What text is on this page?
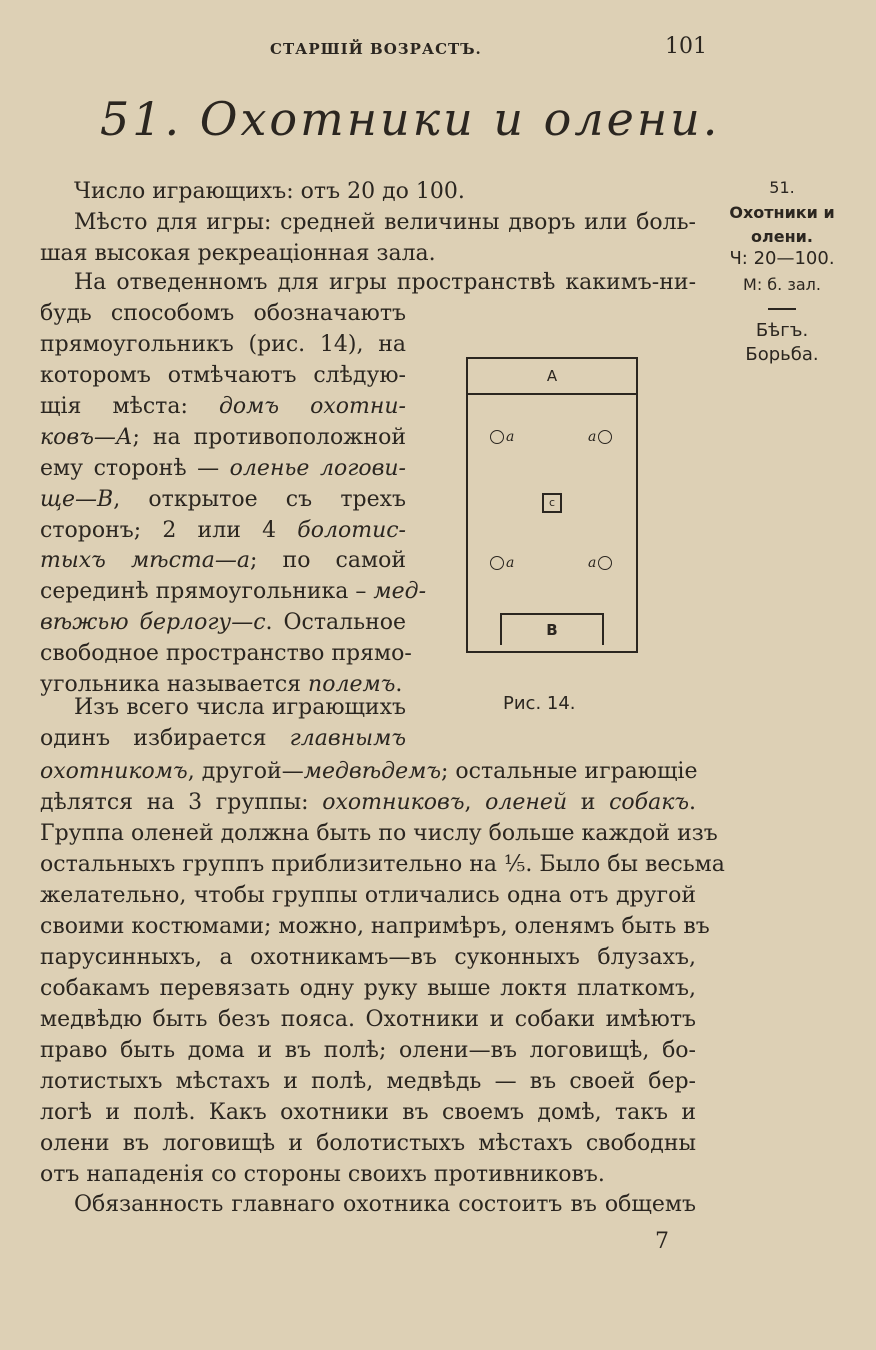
СТАРШІЙ ВОЗРАСТЪ.	101
51. Охотники и олени.
Число играющихъ: отъ 20 до 100.
Мѣсто для игры: средней величины дворъ или боль-
шая высокая рекреаціонная зала.
На отведенномъ для игры пространствѣ какимъ-ни-
будь способомъ обозначаютъ
прямоугольникъ (рис. 14), на
которомъ отмѣчаютъ слѣдую-
щія мѣста: домъ охотни-
ковъ—А; на противоположной
ему сторонѣ — оленье логови-
ще—В, открытое съ трехъ
сторонъ; 2 или 4 болотис-
тыхъ мѣста—а; по самой
серединѣ прямоугольника – мед-
вѣжью берлогу—с. Остальное
свободное пространство прямо-
угольника называется полемъ.
Изъ всего числа играющихъ
одинъ избирается главнымъ
охотникомъ, другой—медвѣдемъ; остальные играющіе
дѣлятся на 3 группы: охотниковъ, оленей и собакъ.
Группа оленей должна быть по числу больше каждой изъ
остальныхъ группъ приблизительно на ⅕. Было бы весьма
желательно, чтобы группы отличались одна отъ другой
своими костюмами; можно, напримѣръ, оленямъ быть въ
парусинныхъ, а охотникамъ—въ суконныхъ блузахъ,
собакамъ перевязать одну руку выше локтя платкомъ,
медвѣдю быть безъ пояса. Охотники и собаки имѣютъ
право быть дома и въ полѣ; олени—въ логовищѣ, бо-
лотистыхъ мѣстахъ и полѣ, медвѣдь — въ своей бер-
логѣ и полѣ. Какъ охотники въ своемъ домѣ, такъ и
олени въ логовищѣ и болотистыхъ мѣстахъ свободны
отъ нападенія со стороны своихъ противниковъ.
Обязанность главнаго охотника состоитъ въ общемъ
51.
Охотники и
олени.
Ч: 20—100.
М: б. зал.
Бѣгъ.
Борьба.
А
а	а
с
а	а
В
Рис. 14.
7
